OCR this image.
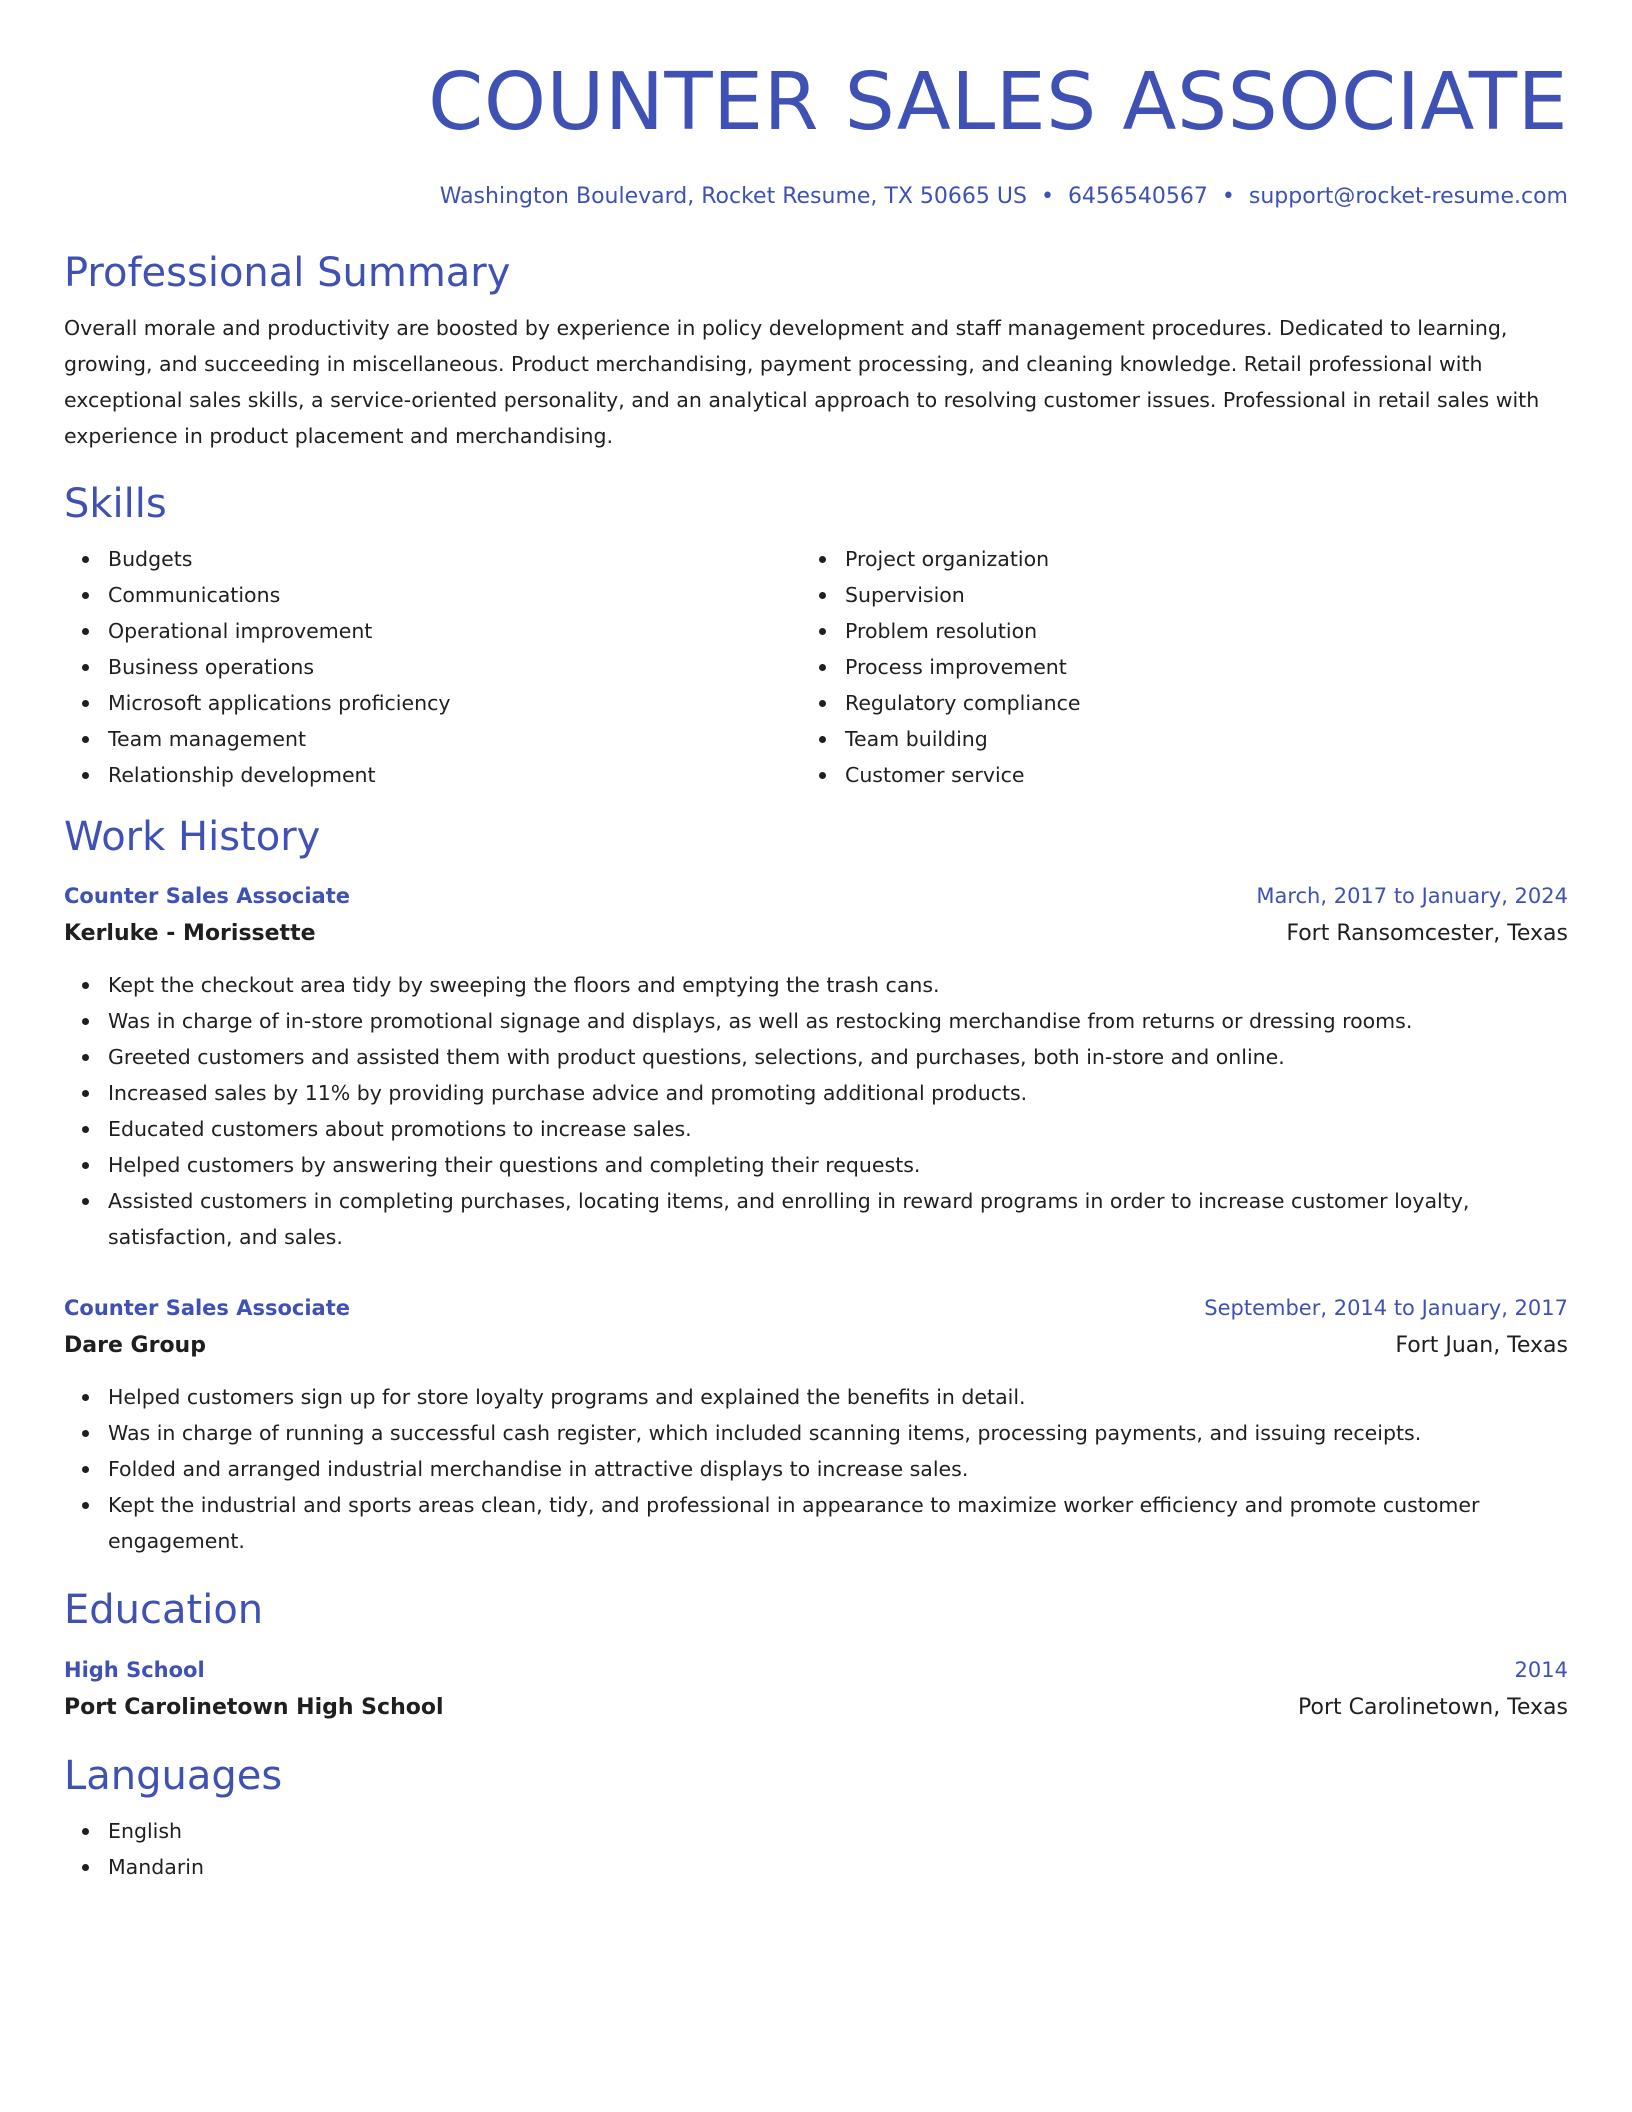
COUNTER SALES ASSOCIATE
Washington Boulevard, Rocket Resume, TX 50665 US • 6456540567 • support@rocket-resume.com
Professional Summary

Overall morale and productivity are boosted by experience in policy development and staff management procedures. Dedicated to learning, growing, and succeeding in miscellaneous. Product merchandising, payment processing, and cleaning knowledge. Retail professional with exceptional sales skills, a service-oriented personality, and an analytical approach to resolving customer issues. Professional in retail sales with experience in product placement and merchandising.

Skills
Budgets
Communications
Operational improvement
Business operations
Microsoft applications proficiency
Team management
Relationship development
Project organization
Supervision
Problem resolution
Process improvement
Regulatory compliance
Team building
Customer service
Work History
Counter Sales Associate	March, 2017 to January, 2024
Kerluke - Morissette	Fort Ransomcester, Texas
Kept the checkout area tidy by sweeping the floors and emptying the trash cans.
Was in charge of in-store promotional signage and displays, as well as restocking merchandise from returns or dressing rooms.
Greeted customers and assisted them with product questions, selections, and purchases, both in-store and online.
Increased sales by 11% by providing purchase advice and promoting additional products.
Educated customers about promotions to increase sales.
Helped customers by answering their questions and completing their requests.
Assisted customers in completing purchases, locating items, and enrolling in reward programs in order to increase customer loyalty, satisfaction, and sales.
Counter Sales Associate	September, 2014 to January, 2017
Dare Group	Fort Juan, Texas
Helped customers sign up for store loyalty programs and explained the benefits in detail.
Was in charge of running a successful cash register, which included scanning items, processing payments, and issuing receipts.
Folded and arranged industrial merchandise in attractive displays to increase sales.
Kept the industrial and sports areas clean, tidy, and professional in appearance to maximize worker efficiency and promote customer engagement.
Education
High School	2014
Port Carolinetown High School	Port Carolinetown, Texas
Languages
English
Mandarin
